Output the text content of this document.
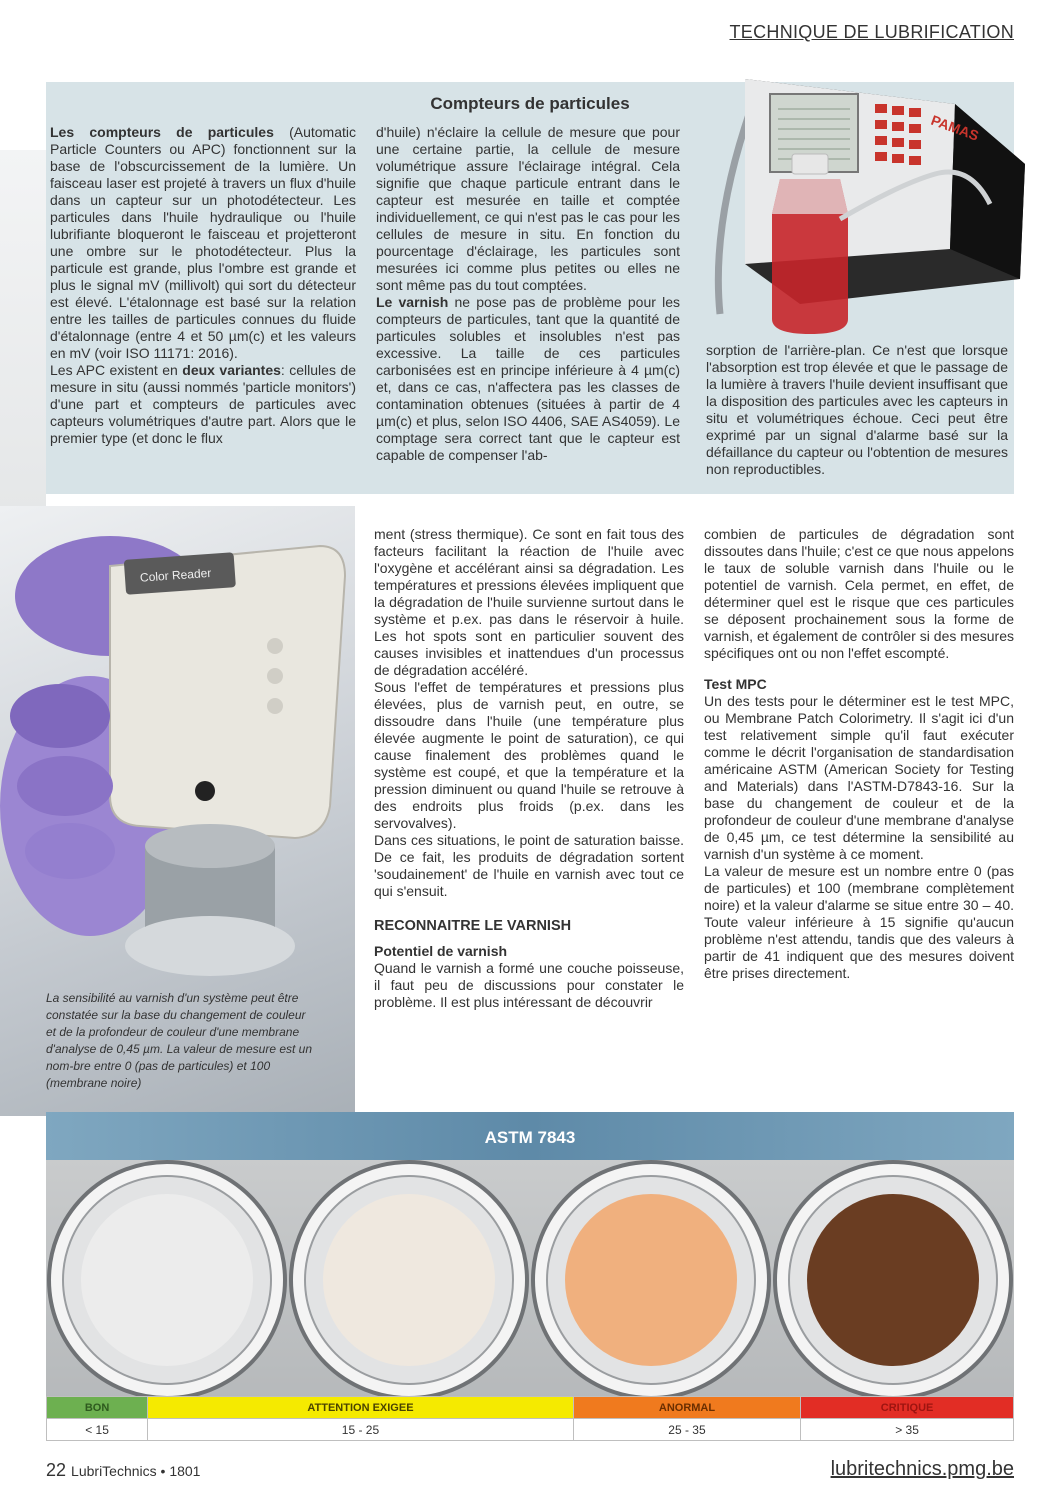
TECHNIQUE DE LUBRIFICATION
Compteurs de particules

Les compteurs de particules (Automatic Particle Counters ou APC) fonctionnent sur la base de l'obscurcissement de la lumière. Un faisceau laser est projeté à travers un flux d'huile dans un capteur sur un photodétecteur. Les particules dans l'huile hydraulique ou l'huile lubrifiante bloqueront le faisceau et projetteront une ombre sur le photodétecteur. Plus la particule est grande, plus l'ombre est grande et plus le signal mV (millivolt) qui sort du détecteur est élevé. L'étalonnage est basé sur la relation entre les tailles de particules connues du fluide d'étalonnage (entre 4 et 50 µm(c) et les valeurs en mV (voir ISO 11171: 2016).

Les APC existent en deux variantes: cellules de mesure in situ (aussi nommés 'particle monitors') d'une part et compteurs de particules avec capteurs volumétriques d'autre part. Alors que le premier type (et donc le flux

d'huile) n'éclaire la cellule de mesure que pour une certaine partie, la cellule de mesure volumétrique assure l'éclairage intégral. Cela signifie que chaque particule entrant dans le capteur est mesurée en taille et comptée individuellement, ce qui n'est pas le cas pour les cellules de mesure in situ. En fonction du pourcentage d'éclairage, les particules sont mesurées ici comme plus petites ou elles ne sont même pas du tout comptées.

Le varnish ne pose pas de problème pour les compteurs de particules, tant que la quantité de particules solubles et insolubles n'est pas excessive. La taille de ces particules carbonisées est en principe inférieure à 4 µm(c) et, dans ce cas, n'affectera pas les classes de contamination obtenues (situées à partir de 4 µm(c) et plus, selon ISO 4406, SAE AS4059). Le comptage sera correct tant que le capteur est capable de compenser l'ab-

sorption de l'arrière-plan. Ce n'est que lorsque l'absorption est trop élevée et que le passage de la lumière à travers l'huile devient insuffisant que la disposition des particules avec les capteurs in situ et volumétriques échoue. Ceci peut être exprimé par un signal d'alarme basé sur la défaillance du capteur ou l'obtention de mesures non reproductibles.

PAMAS
Color Reader
La sensibilité au varnish d'un système peut être constatée sur la base du changement de couleur et de la profondeur de couleur d'une membrane d'analyse de 0,45 µm. La valeur de mesure est un nom-bre entre 0 (pas de particules) et 100 (membrane noire)

ment (stress thermique). Ce sont en fait tous des facteurs facilitant la réaction de l'huile avec l'oxygène et accélérant ainsi sa dégradation. Les températures et pressions élevées impliquent que la dégradation de l'huile survienne surtout dans le système et p.ex. pas dans le réservoir à huile. Les hot spots sont en particulier souvent des causes invisibles et inattendues d'un processus de dégradation accéléré.

Sous l'effet de températures et pressions plus élevées, plus de varnish peut, en outre, se dissoudre dans l'huile (une température plus élevée augmente le point de saturation), ce qui cause finalement des problèmes quand le système est coupé, et que la température et la pression diminuent ou quand l'huile se retrouve à des endroits plus froids (p.ex. dans les servovalves).

Dans ces situations, le point de saturation baisse. De ce fait, les produits de dégradation sortent 'soudainement' de l'huile en varnish avec tout ce qui s'ensuit.

RECONNAITRE LE VARNISH
Potentiel de varnish

Quand le varnish a formé une couche poisseuse, il faut peu de discussions pour constater le problème. Il est plus intéressant de découvrir

combien de particules de dégradation sont dissoutes dans l'huile; c'est ce que nous appelons le taux de soluble varnish dans l'huile ou le potentiel de varnish. Cela permet, en effet, de déterminer quel est le risque que ces particules se déposent prochainement sous la forme de varnish, et également de contrôler si des mesures spécifiques ont ou non l'effet escompté.

Test MPC

Un des tests pour le déterminer est le test MPC, ou Membrane Patch Colorimetry. Il s'agit ici d'un test relativement simple qu'il faut exécuter comme le décrit l'organisation de standardisation américaine ASTM (American Society for Testing and Materials) dans l'ASTM-D7843-16. Sur la base du changement de couleur et de la profondeur de couleur d'une membrane d'analyse de 0,45 µm, ce test détermine la sensibilité au varnish d'un système à ce moment.

La valeur de mesure est un nombre entre 0 (pas de particules) et 100 (membrane complètement noire) et la valeur d'alarme se situe entre 30 – 40. Toute valeur inférieure à 15 signifie qu'aucun problème n'est attendu, tandis que des valeurs à partir de 41 indiquent que des mesures doivent être prises directement.

ASTM 7843
BON	ATTENTION EXIGEE	ANORMAL	CRITIQUE
< 15	15 - 25	25 - 35	> 35
22 LubriTechnics • 1801	lubritechnics.pmg.be
